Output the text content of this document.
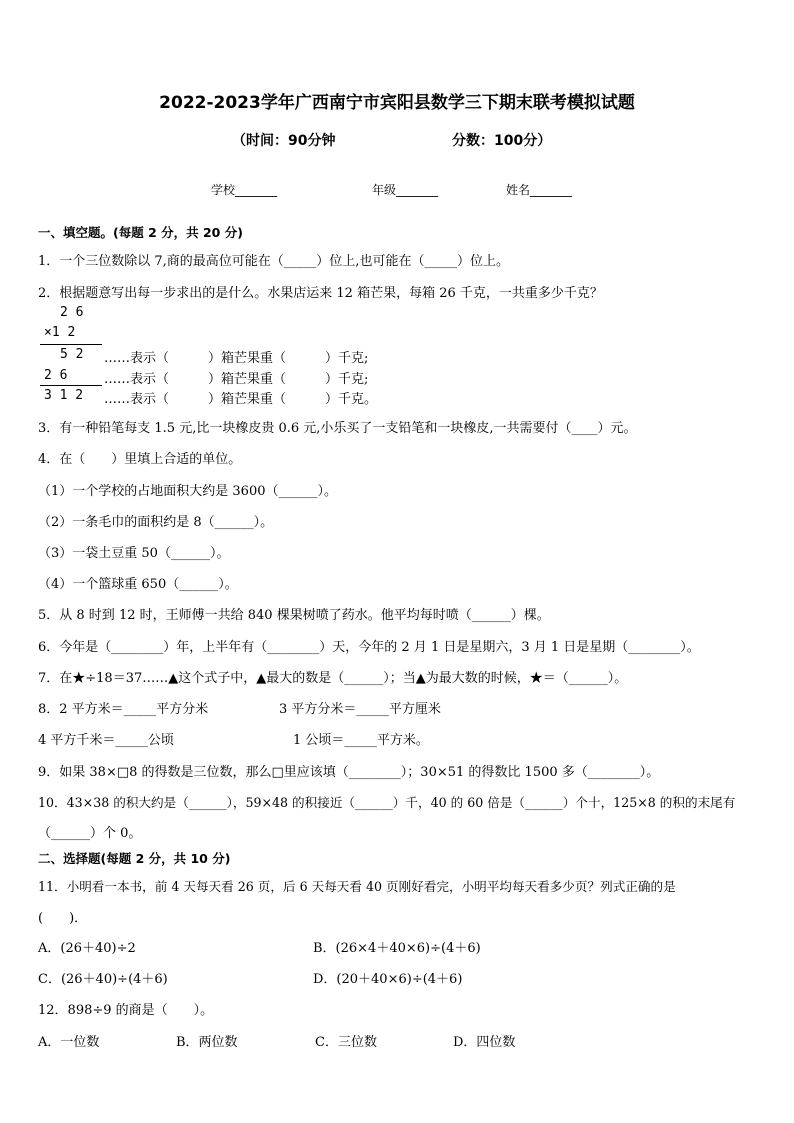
2022-2023学年广西南宁市宾阳县数学三下期末联考模拟试题
（时间：90分钟	分数：100分）
学校_______	年级_______	姓名_______
一、填空题。(每题 2 分，共 20 分)
1．一个三位数除以 7,商的最高位可能在（_____）位上,也可能在（_____）位上。
2．根据题意写出每一步求出的是什么。水果店运来 12 箱芒果，每箱 26 千克，一共重多少千克？
2 6
×1 2
5 2
2 6
3 1 2
……表示（　　　）箱芒果重（　　　）千克;
……表示（　　　）箱芒果重（　　　）千克;
……表示（　　　）箱芒果重（　　　）千克。
3．有一种铅笔每支 1.5 元,比一块橡皮贵 0.6 元,小乐买了一支铅笔和一块橡皮,一共需要付（____）元。
4．在（　　）里填上合适的单位。
（1）一个学校的占地面积大约是 3600（______）。
（2）一条毛巾的面积约是 8（______）。
（3）一袋土豆重 50（______）。
（4）一个篮球重 650（______）。
5．从 8 时到 12 时，王师傅一共给 840 棵果树喷了药水。他平均每时喷（______）棵。
6．今年是（________）年，上半年有（________）天，今年的 2 月 1 日是星期六，3 月 1 日是星期（________）。
7．在★÷18＝37……▲这个式子中，▲最大的数是（______）；当▲为最大数的时候，★＝（______）。
8．2 平方米＝_____平方分米	3 平方分米＝_____平方厘米
4 平方千米＝_____公顷	1 公顷＝_____平方米。
9．如果 38×□8 的得数是三位数，那么□里应该填（________）；30×51 的得数比 1500 多（________）。
10．43×38 的积大约是（______），59×48 的积接近（______）千，40 的 60 倍是（______）个十，125×8 的积的末尾有
（______）个 0。
二、选择题(每题 2 分，共 10 分)
11．小明看一本书，前 4 天每天看 26 页，后 6 天每天看 40 页刚好看完，小明平均每天看多少页？列式正确的是
(　　)．
A．(26＋40)÷2	B．(26×4＋40×6)÷(4＋6)
C．(26＋40)÷(4＋6)	D．(20＋40×6)÷(4＋6)
12．898÷9 的商是（　　）。
A．一位数	B．两位数	C．三位数	D．四位数
